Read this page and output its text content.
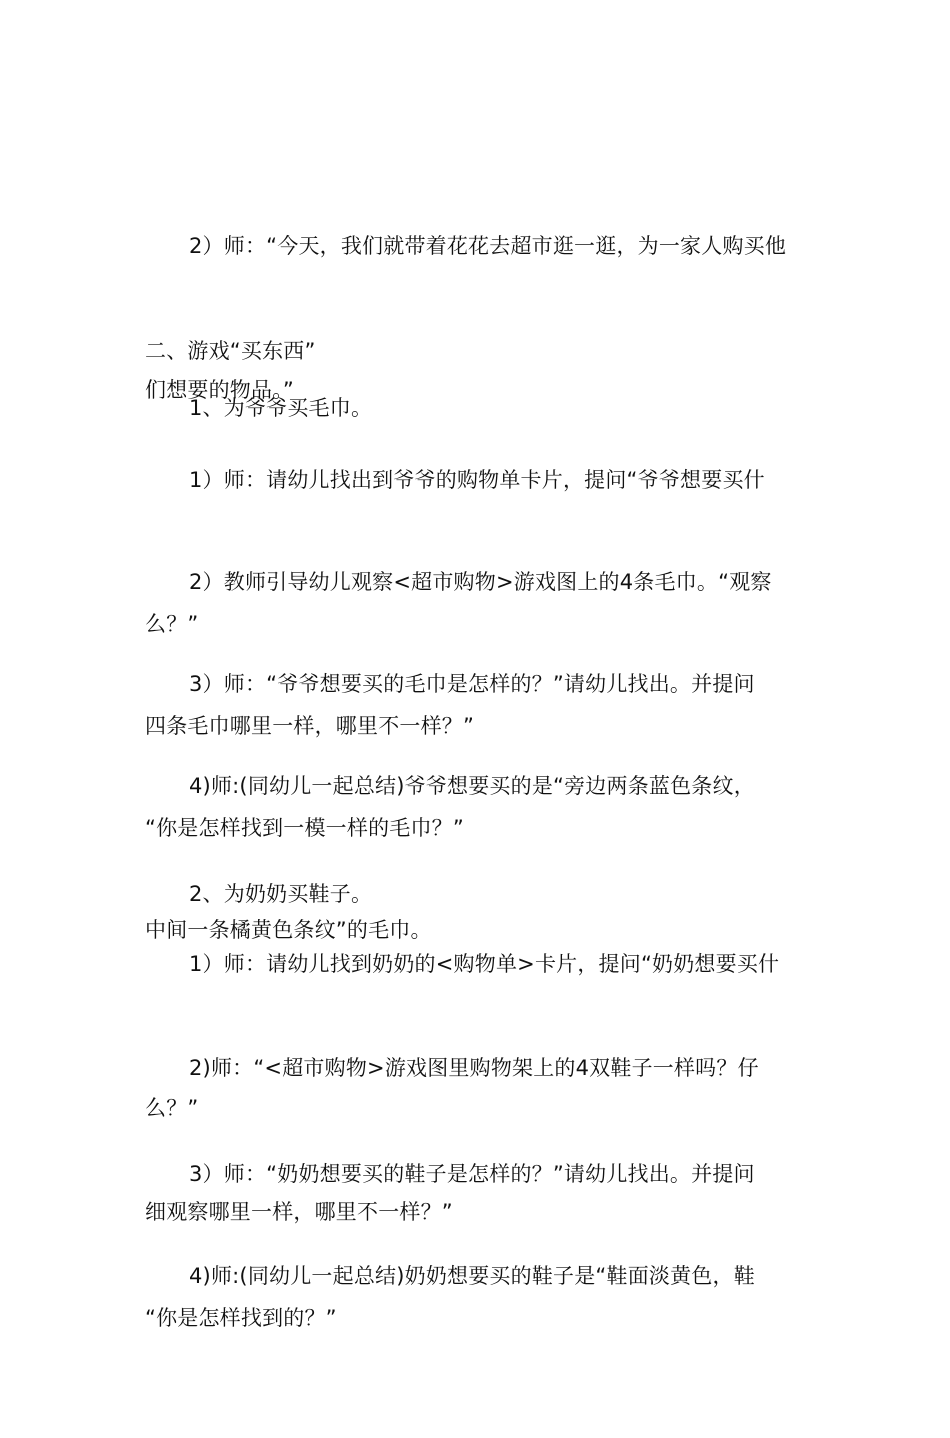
2）师：“今天，我们就带着花花去超市逛一逛，为一家人购买他

们想要的物品。”

二、游戏“买东西”

1、为爷爷买毛巾。

1）师：请幼儿找出到爷爷的购物单卡片，提问“爷爷想要买什

么？”

2）教师引导幼儿观察<超市购物>游戏图上的4条毛巾。“观察

四条毛巾哪里一样，哪里不一样？”

3）师：“爷爷想要买的毛巾是怎样的？”请幼儿找出。并提问

“你是怎样找到一模一样的毛巾？”

4)师:(同幼儿一起总结)爷爷想要买的是“旁边两条蓝色条纹，

中间一条橘黄色条纹”的毛巾。

2、为奶奶买鞋子。

1）师：请幼儿找到奶奶的<购物单>卡片，提问“奶奶想要买什

么？”

2)师：“<超市购物>游戏图里购物架上的4双鞋子一样吗？仔

细观察哪里一样，哪里不一样？”

3）师：“奶奶想要买的鞋子是怎样的？”请幼儿找出。并提问

“你是怎样找到的？”

4)师:(同幼儿一起总结)奶奶想要买的鞋子是“鞋面淡黄色，鞋
